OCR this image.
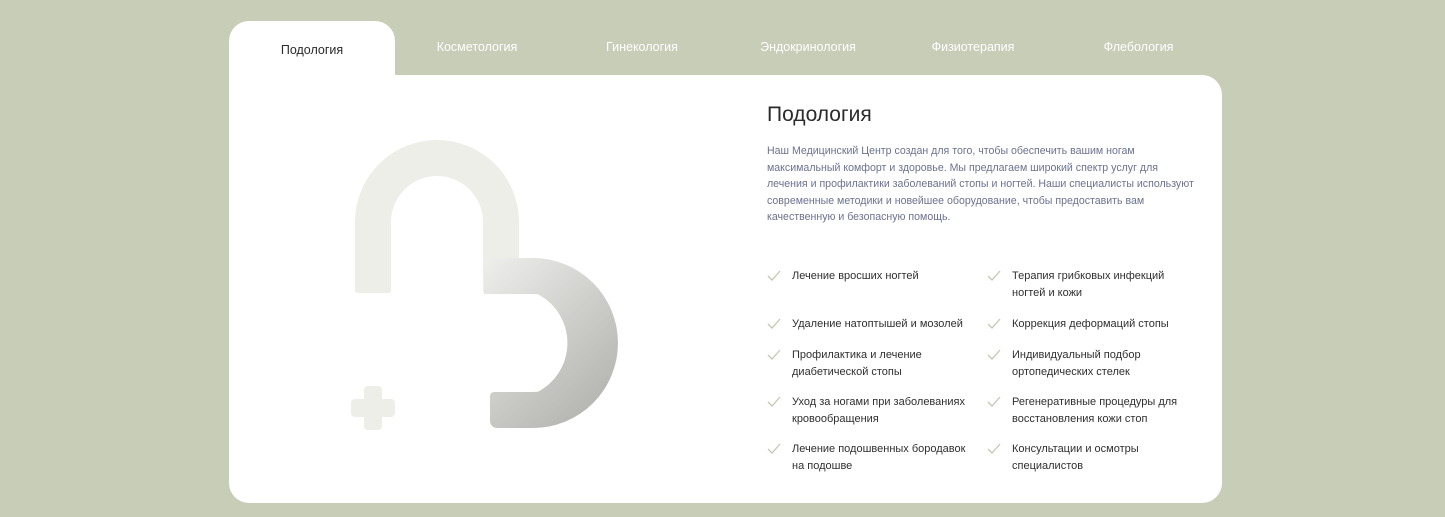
Подология	Косметология	Гинекология	Эндокринология	Физиотерапия	Флебология
Подология
Наш Медицинский Центр создан для того, чтобы обеспечить вашим ногам максимальный комфорт и здоровье. Мы предлагаем широкий спектр услуг для лечения и профилактики заболеваний стопы и ногтей. Наши специалисты используют современные методики и новейшее оборудование, чтобы предоставить вам качественную и безопасную помощь.
Лечение вросших ногтей	Терапия грибковых инфекций ногтей и кожи
Удаление натоптышей и мозолей	Коррекция деформаций стопы
Профилактика и лечение диабетической стопы
Индивидуальный подбор ортопедических стелек
Уход за ногами при заболеваниях кровообращения
Регенеративные процедуры для восстановления кожи стоп
Лечение подошвенных бородавок на подошве
Консультации и осмотры специалистов
